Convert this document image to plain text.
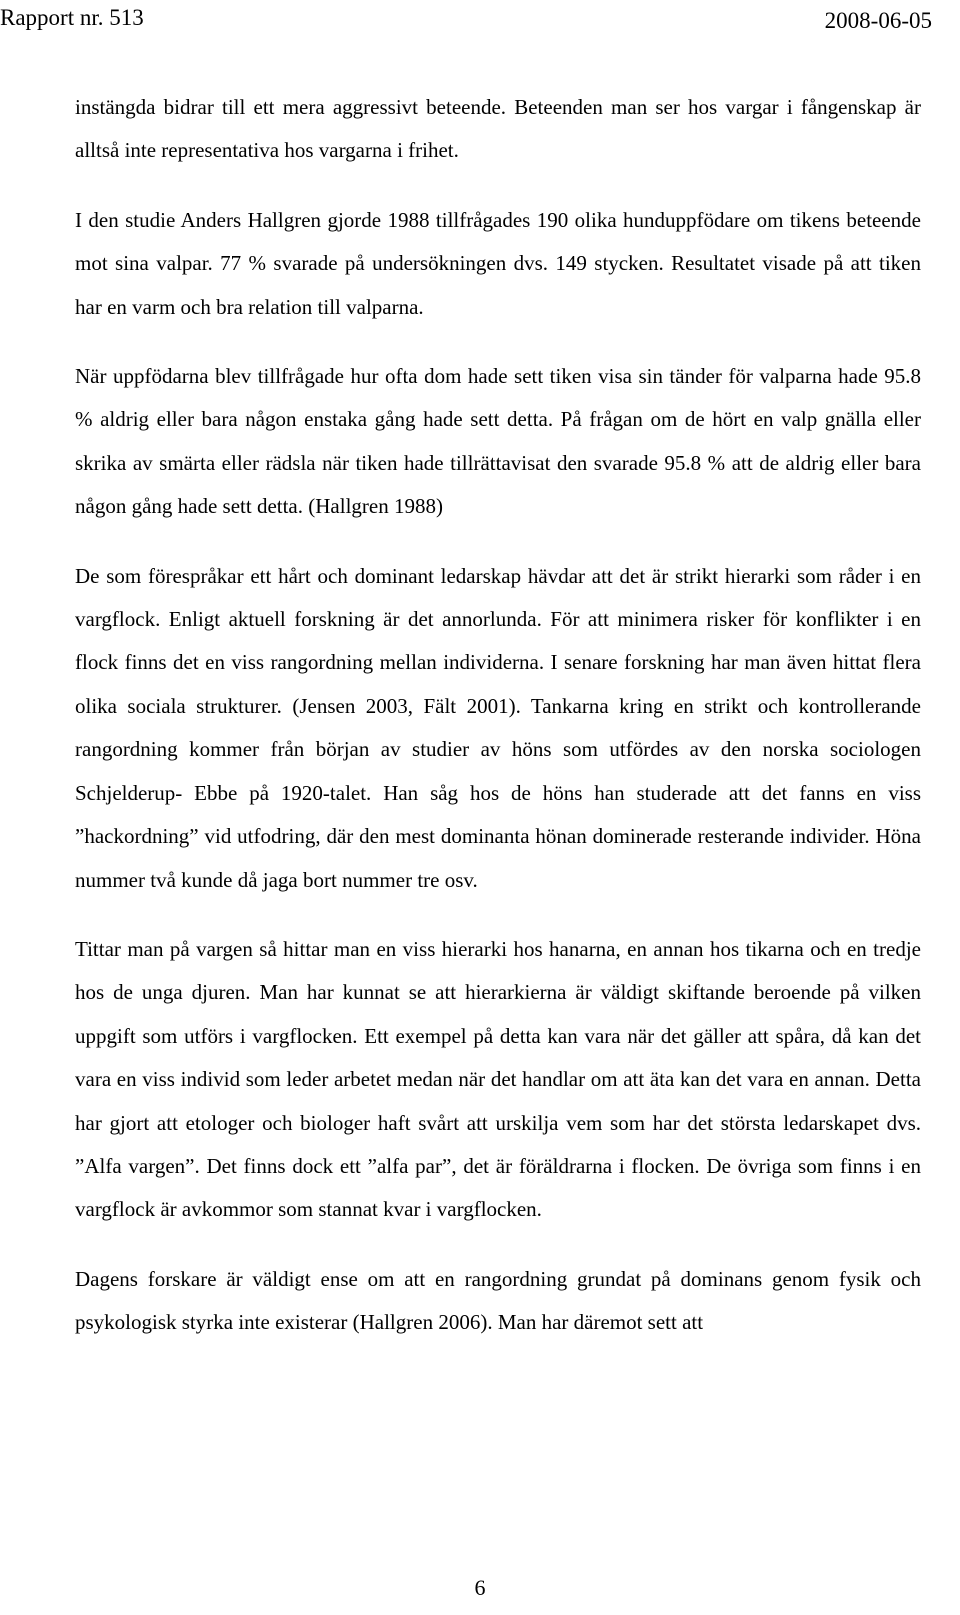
Rapport nr. 513	2008-06-05

instängda bidrar till ett mera aggressivt beteende. Beteenden man ser hos vargar i fångenskap är alltså inte representativa hos vargarna i frihet.

I den studie Anders Hallgren gjorde 1988 tillfrågades 190 olika hunduppfödare om tikens beteende mot sina valpar. 77 % svarade på undersökningen dvs. 149 stycken. Resultatet visade på att tiken har en varm och bra relation till valparna.

När uppfödarna blev tillfrågade hur ofta dom hade sett tiken visa sin tänder för valparna hade 95.8 % aldrig eller bara någon enstaka gång hade sett detta. På frågan om de hört en valp gnälla eller skrika av smärta eller rädsla när tiken hade tillrättavisat den svarade 95.8 % att de aldrig eller bara någon gång hade sett detta. (Hallgren 1988)

De som förespråkar ett hårt och dominant ledarskap hävdar att det är strikt hierarki som råder i en vargflock. Enligt aktuell forskning är det annorlunda. För att minimera risker för konflikter i en flock finns det en viss rangordning mellan individerna. I senare forskning har man även hittat flera olika sociala strukturer. (Jensen 2003, Fält 2001). Tankarna kring en strikt och kontrollerande rangordning kommer från början av studier av höns som utfördes av den norska sociologen Schjelderup- Ebbe på 1920-talet. Han såg hos de höns han studerade att det fanns en viss ”hackordning” vid utfodring, där den mest dominanta hönan dominerade resterande individer. Höna nummer två kunde då jaga bort nummer tre osv.

Tittar man på vargen så hittar man en viss hierarki hos hanarna, en annan hos tikarna och en tredje hos de unga djuren. Man har kunnat se att hierarkierna är väldigt skiftande beroende på vilken uppgift som utförs i vargflocken. Ett exempel på detta kan vara när det gäller att spåra, då kan det vara en viss individ som leder arbetet medan när det handlar om att äta kan det vara en annan. Detta har gjort att etologer och biologer haft svårt att urskilja vem som har det största ledarskapet dvs. ”Alfa vargen”. Det finns dock ett ”alfa par”, det är föräldrarna i flocken. De övriga som finns i en vargflock är avkommor som stannat kvar i vargflocken.

Dagens forskare är väldigt ense om att en rangordning grundat på dominans genom fysik och psykologisk styrka inte existerar (Hallgren 2006). Man har däremot sett att

6
